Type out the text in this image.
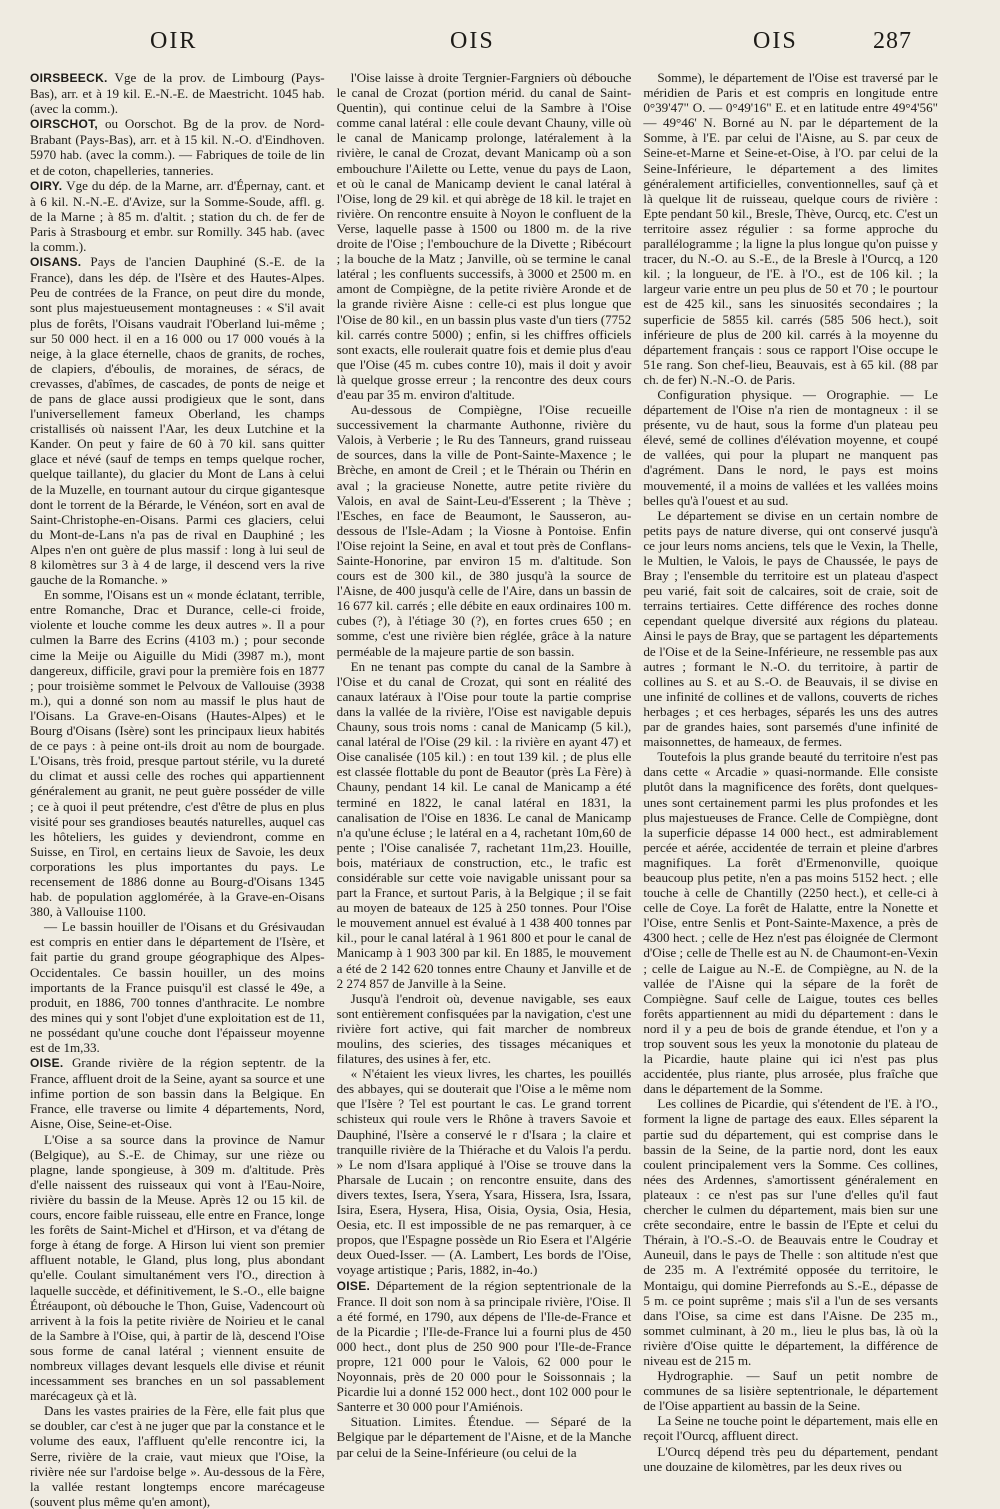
OIR	OIS	OIS	287

OIRSBEECK. Vge de la prov. de Limbourg (Pays-Bas), arr. et à 19 kil. E.-N.-E. de Maestricht. 1045 hab. (avec la comm.).

OIRSCHOT, ou Oorschot. Bg de la prov. de Nord-Brabant (Pays-Bas), arr. et à 15 kil. N.-O. d'Eindhoven. 5970 hab. (avec la comm.). — Fabriques de toile de lin et de coton, chapelleries, tanneries.

OIRY. Vge du dép. de la Marne, arr. d'Épernay, cant. et à 6 kil. N.-N.-E. d'Avize, sur la Somme-Soude, affl. g. de la Marne ; à 85 m. d'altit. ; station du ch. de fer de Paris à Strasbourg et embr. sur Romilly. 345 hab. (avec la comm.).

OISANS. Pays de l'ancien Dauphiné (S.-E. de la France), dans les dép. de l'Isère et des Hautes-Alpes. Peu de contrées de la France, on peut dire du monde, sont plus majestueusement montagneuses : « S'il avait plus de forêts, l'Oisans vaudrait l'Oberland lui-même ; sur 50 000 hect. il en a 16 000 ou 17 000 voués à la neige, à la glace éternelle, chaos de granits, de roches, de clapiers, d'éboulis, de moraines, de séracs, de crevasses, d'abîmes, de cascades, de ponts de neige et de pans de glace aussi prodigieux que le sont, dans l'universellement fameux Oberland, les champs cristallisés où naissent l'Aar, les deux Lutchine et la Kander. On peut y faire de 60 à 70 kil. sans quitter glace et névé (sauf de temps en temps quelque rocher, quelque taillante), du glacier du Mont de Lans à celui de la Muzelle, en tournant autour du cirque gigantesque dont le torrent de la Bérarde, le Vénéon, sort en aval de Saint-Christophe-en-Oisans. Parmi ces glaciers, celui du Mont-de-Lans n'a pas de rival en Dauphiné ; les Alpes n'en ont guère de plus massif : long à lui seul de 8 kilomètres sur 3 à 4 de large, il descend vers la rive gauche de la Romanche. »

En somme, l'Oisans est un « monde éclatant, terrible, entre Romanche, Drac et Durance, celle-ci froide, violente et louche comme les deux autres ». Il a pour culmen la Barre des Ecrins (4103 m.) ; pour seconde cime la Meije ou Aiguille du Midi (3987 m.), mont dangereux, difficile, gravi pour la première fois en 1877 ; pour troisième sommet le Pelvoux de Vallouise (3938 m.), qui a donné son nom au massif le plus haut de l'Oisans. La Grave-en-Oisans (Hautes-Alpes) et le Bourg d'Oisans (Isère) sont les principaux lieux habités de ce pays : à peine ont-ils droit au nom de bourgade. L'Oisans, très froid, presque partout stérile, vu la dureté du climat et aussi celle des roches qui appartiennent généralement au granit, ne peut guère posséder de ville ; ce à quoi il peut prétendre, c'est d'être de plus en plus visité pour ses grandioses beautés naturelles, auquel cas les hôteliers, les guides y deviendront, comme en Suisse, en Tirol, en certains lieux de Savoie, les deux corporations les plus importantes du pays. Le recensement de 1886 donne au Bourg-d'Oisans 1345 hab. de population agglomérée, à la Grave-en-Oisans 380, à Vallouise 1100.

— Le bassin houiller de l'Oisans et du Grésivaudan est compris en entier dans le département de l'Isère, et fait partie du grand groupe géographique des Alpes-Occidentales. Ce bassin houiller, un des moins importants de la France puisqu'il est classé le 49e, a produit, en 1886, 700 tonnes d'anthracite. Le nombre des mines qui y sont l'objet d'une exploitation est de 11, ne possédant qu'une couche dont l'épaisseur moyenne est de 1m,33.

OISE. Grande rivière de la région septentr. de la France, affluent droit de la Seine, ayant sa source et une infime portion de son bassin dans la Belgique. En France, elle traverse ou limite 4 départements, Nord, Aisne, Oise, Seine-et-Oise.

L'Oise a sa source dans la province de Namur (Belgique), au S.-E. de Chimay, sur une rièze ou plagne, lande spongieuse, à 309 m. d'altitude. Près d'elle naissent des ruisseaux qui vont à l'Eau-Noire, rivière du bassin de la Meuse. Après 12 ou 15 kil. de cours, encore faible ruisseau, elle entre en France, longe les forêts de Saint-Michel et d'Hirson, et va d'étang de forge à étang de forge. A Hirson lui vient son premier affluent notable, le Gland, plus long, plus abondant qu'elle. Coulant simultanément vers l'O., direction à laquelle succède, et définitivement, le S.-O., elle baigne Étréaupont, où débouche le Thon, Guise, Vadencourt où arrivent à la fois la petite rivière de Noirieu et le canal de la Sambre à l'Oise, qui, à partir de là, descend l'Oise sous forme de canal latéral ; viennent ensuite de nombreux villages devant lesquels elle divise et réunit incessamment ses branches en un sol passablement marécageux çà et là.

Dans les vastes prairies de la Fère, elle fait plus que se doubler, car c'est à ne juger que par la constance et le volume des eaux, l'affluent qu'elle rencontre ici, la Serre, rivière de la craie, vaut mieux que l'Oise, la rivière née sur l'ardoise belge ». Au-dessous de la Fère, la vallée restant longtemps encore marécageuse (souvent plus même qu'en amont),

l'Oise laisse à droite Tergnier-Fargniers où débouche le canal de Crozat (portion mérid. du canal de Saint-Quentin), qui continue celui de la Sambre à l'Oise comme canal latéral : elle coule devant Chauny, ville où le canal de Manicamp prolonge, latéralement à la rivière, le canal de Crozat, devant Manicamp où a son embouchure l'Ailette ou Lette, venue du pays de Laon, et où le canal de Manicamp devient le canal latéral à l'Oise, long de 29 kil. et qui abrège de 18 kil. le trajet en rivière. On rencontre ensuite à Noyon le confluent de la Verse, laquelle passe à 1500 ou 1800 m. de la rive droite de l'Oise ; l'embouchure de la Divette ; Ribécourt ; la bouche de la Matz ; Janville, où se termine le canal latéral ; les confluents successifs, à 3000 et 2500 m. en amont de Compiègne, de la petite rivière Aronde et de la grande rivière Aisne : celle-ci est plus longue que l'Oise de 80 kil., en un bassin plus vaste d'un tiers (7752 kil. carrés contre 5000) ; enfin, si les chiffres officiels sont exacts, elle roulerait quatre fois et demie plus d'eau que l'Oise (45 m. cubes contre 10), mais il doit y avoir là quelque grosse erreur ; la rencontre des deux cours d'eau par 35 m. environ d'altitude.

Au-dessous de Compiègne, l'Oise recueille successivement la charmante Authonne, rivière du Valois, à Verberie ; le Ru des Tanneurs, grand ruisseau de sources, dans la ville de Pont-Sainte-Maxence ; le Brèche, en amont de Creil ; et le Thérain ou Thérin en aval ; la gracieuse Nonette, autre petite rivière du Valois, en aval de Saint-Leu-d'Esserent ; la Thève ; l'Esches, en face de Beaumont, le Sausseron, au-dessous de l'Isle-Adam ; la Viosne à Pontoise. Enfin l'Oise rejoint la Seine, en aval et tout près de Conflans-Sainte-Honorine, par environ 15 m. d'altitude. Son cours est de 300 kil., de 380 jusqu'à la source de l'Aisne, de 400 jusqu'à celle de l'Aire, dans un bassin de 16 677 kil. carrés ; elle débite en eaux ordinaires 100 m. cubes (?), à l'étiage 30 (?), en fortes crues 650 ; en somme, c'est une rivière bien réglée, grâce à la nature perméable de la majeure partie de son bassin.

En ne tenant pas compte du canal de la Sambre à l'Oise et du canal de Crozat, qui sont en réalité des canaux latéraux à l'Oise pour toute la partie comprise dans la vallée de la rivière, l'Oise est navigable depuis Chauny, sous trois noms : canal de Manicamp (5 kil.), canal latéral de l'Oise (29 kil. : la rivière en ayant 47) et Oise canalisée (105 kil.) : en tout 139 kil. ; de plus elle est classée flottable du pont de Beautor (près La Fère) à Chauny, pendant 14 kil. Le canal de Manicamp a été terminé en 1822, le canal latéral en 1831, la canalisation de l'Oise en 1836. Le canal de Manicamp n'a qu'une écluse ; le latéral en a 4, rachetant 10m,60 de pente ; l'Oise canalisée 7, rachetant 11m,23. Houille, bois, matériaux de construction, etc., le trafic est considérable sur cette voie navigable unissant pour sa part la France, et surtout Paris, à la Belgique ; il se fait au moyen de bateaux de 125 à 250 tonnes. Pour l'Oise le mouvement annuel est évalué à 1 438 400 tonnes par kil., pour le canal latéral à 1 961 800 et pour le canal de Manicamp à 1 903 300 par kil. En 1885, le mouvement a été de 2 142 620 tonnes entre Chauny et Janville et de 2 274 857 de Janville à la Seine.

Jusqu'à l'endroit où, devenue navigable, ses eaux sont entièrement confisquées par la navigation, c'est une rivière fort active, qui fait marcher de nombreux moulins, des scieries, des tissages mécaniques et filatures, des usines à fer, etc.

« N'étaient les vieux livres, les chartes, les pouillés des abbayes, qui se douterait que l'Oise a le même nom que l'Isère ? Tel est pourtant le cas. Le grand torrent schisteux qui roule vers le Rhône à travers Savoie et Dauphiné, l'Isère a conservé le r d'Isara ; la claire et tranquille rivière de la Thiérache et du Valois l'a perdu. » Le nom d'Isara appliqué à l'Oise se trouve dans la Pharsale de Lucain ; on rencontre ensuite, dans des divers textes, Isera, Ysera, Ysara, Hissera, Isra, Issara, Isira, Esera, Hysera, Hisa, Oisia, Oysia, Osia, Hesia, Oesia, etc. Il est impossible de ne pas remarquer, à ce propos, que l'Espagne possède un Rio Esera et l'Algérie deux Oued-Isser. — (A. Lambert, Les bords de l'Oise, voyage artistique ; Paris, 1882, in-4o.)

OISE. Département de la région septentrionale de la France. Il doit son nom à sa principale rivière, l'Oise. Il a été formé, en 1790, aux dépens de l'Ile-de-France et de la Picardie ; l'Ile-de-France lui a fourni plus de 450 000 hect., dont plus de 250 900 pour l'Ile-de-France propre, 121 000 pour le Valois, 62 000 pour le Noyonnais, près de 20 000 pour le Soissonnais ; la Picardie lui a donné 152 000 hect., dont 102 000 pour le Santerre et 30 000 pour l'Amiénois.

Situation. Limites. Étendue. — Séparé de la Belgique par le département de l'Aisne, et de la Manche par celui de la Seine-Inférieure (ou celui de la

Somme), le département de l'Oise est traversé par le méridien de Paris et est compris en longitude entre 0°39'47" O. — 0°49'16" E. et en latitude entre 49°4'56" — 49°46' N. Borné au N. par le département de la Somme, à l'E. par celui de l'Aisne, au S. par ceux de Seine-et-Marne et Seine-et-Oise, à l'O. par celui de la Seine-Inférieure, le département a des limites généralement artificielles, conventionnelles, sauf çà et là quelque lit de ruisseau, quelque cours de rivière : Epte pendant 50 kil., Bresle, Thève, Ourcq, etc. C'est un territoire assez régulier : sa forme approche du parallélogramme ; la ligne la plus longue qu'on puisse y tracer, du N.-O. au S.-E., de la Bresle à l'Ourcq, a 120 kil. ; la longueur, de l'E. à l'O., est de 106 kil. ; la largeur varie entre un peu plus de 50 et 70 ; le pourtour est de 425 kil., sans les sinuosités secondaires ; la superficie de 5855 kil. carrés (585 506 hect.), soit inférieure de plus de 200 kil. carrés à la moyenne du département français : sous ce rapport l'Oise occupe le 51e rang. Son chef-lieu, Beauvais, est à 65 kil. (88 par ch. de fer) N.-N.-O. de Paris.

Configuration physique. — Orographie. — Le département de l'Oise n'a rien de montagneux : il se présente, vu de haut, sous la forme d'un plateau peu élevé, semé de collines d'élévation moyenne, et coupé de vallées, qui pour la plupart ne manquent pas d'agrément. Dans le nord, le pays est moins mouvementé, il a moins de vallées et les vallées moins belles qu'à l'ouest et au sud.

Le département se divise en un certain nombre de petits pays de nature diverse, qui ont conservé jusqu'à ce jour leurs noms anciens, tels que le Vexin, la Thelle, le Multien, le Valois, le pays de Chaussée, le pays de Bray ; l'ensemble du territoire est un plateau d'aspect peu varié, fait soit de calcaires, soit de craie, soit de terrains tertiaires. Cette différence des roches donne cependant quelque diversité aux régions du plateau. Ainsi le pays de Bray, que se partagent les départements de l'Oise et de la Seine-Inférieure, ne ressemble pas aux autres ; formant le N.-O. du territoire, à partir de collines au S. et au S.-O. de Beauvais, il se divise en une infinité de collines et de vallons, couverts de riches herbages ; et ces herbages, séparés les uns des autres par de grandes haies, sont parsemés d'une infinité de maisonnettes, de hameaux, de fermes.

Toutefois la plus grande beauté du territoire n'est pas dans cette « Arcadie » quasi-normande. Elle consiste plutôt dans la magnificence des forêts, dont quelques-unes sont certainement parmi les plus profondes et les plus majestueuses de France. Celle de Compiègne, dont la superficie dépasse 14 000 hect., est admirablement percée et aérée, accidentée de terrain et pleine d'arbres magnifiques. La forêt d'Ermenonville, quoique beaucoup plus petite, n'en a pas moins 5152 hect. ; elle touche à celle de Chantilly (2250 hect.), et celle-ci à celle de Coye. La forêt de Halatte, entre la Nonette et l'Oise, entre Senlis et Pont-Sainte-Maxence, a près de 4300 hect. ; celle de Hez n'est pas éloignée de Clermont d'Oise ; celle de Thelle est au N. de Chaumont-en-Vexin ; celle de Laigue au N.-E. de Compiègne, au N. de la vallée de l'Aisne qui la sépare de la forêt de Compiègne. Sauf celle de Laigue, toutes ces belles forêts appartiennent au midi du département : dans le nord il y a peu de bois de grande étendue, et l'on y a trop souvent sous les yeux la monotonie du plateau de la Picardie, haute plaine qui ici n'est pas plus accidentée, plus riante, plus arrosée, plus fraîche que dans le département de la Somme.

Les collines de Picardie, qui s'étendent de l'E. à l'O., forment la ligne de partage des eaux. Elles séparent la partie sud du département, qui est comprise dans le bassin de la Seine, de la partie nord, dont les eaux coulent principalement vers la Somme. Ces collines, nées des Ardennes, s'amortissent généralement en plateaux : ce n'est pas sur l'une d'elles qu'il faut chercher le culmen du département, mais bien sur une crête secondaire, entre le bassin de l'Epte et celui du Thérain, à l'O.-S.-O. de Beauvais entre le Coudray et Auneuil, dans le pays de Thelle : son altitude n'est que de 235 m. A l'extrémité opposée du territoire, le Montaigu, qui domine Pierrefonds au S.-E., dépasse de 5 m. ce point suprême ; mais s'il a l'un de ses versants dans l'Oise, sa cime est dans l'Aisne. De 235 m., sommet culminant, à 20 m., lieu le plus bas, là où la rivière d'Oise quitte le département, la différence de niveau est de 215 m.

Hydrographie. — Sauf un petit nombre de communes de sa lisière septentrionale, le département de l'Oise appartient au bassin de la Seine.

La Seine ne touche point le département, mais elle en reçoit l'Ourcq, affluent direct.

L'Ourcq dépend très peu du département, pendant une douzaine de kilomètres, par les deux rives ou
